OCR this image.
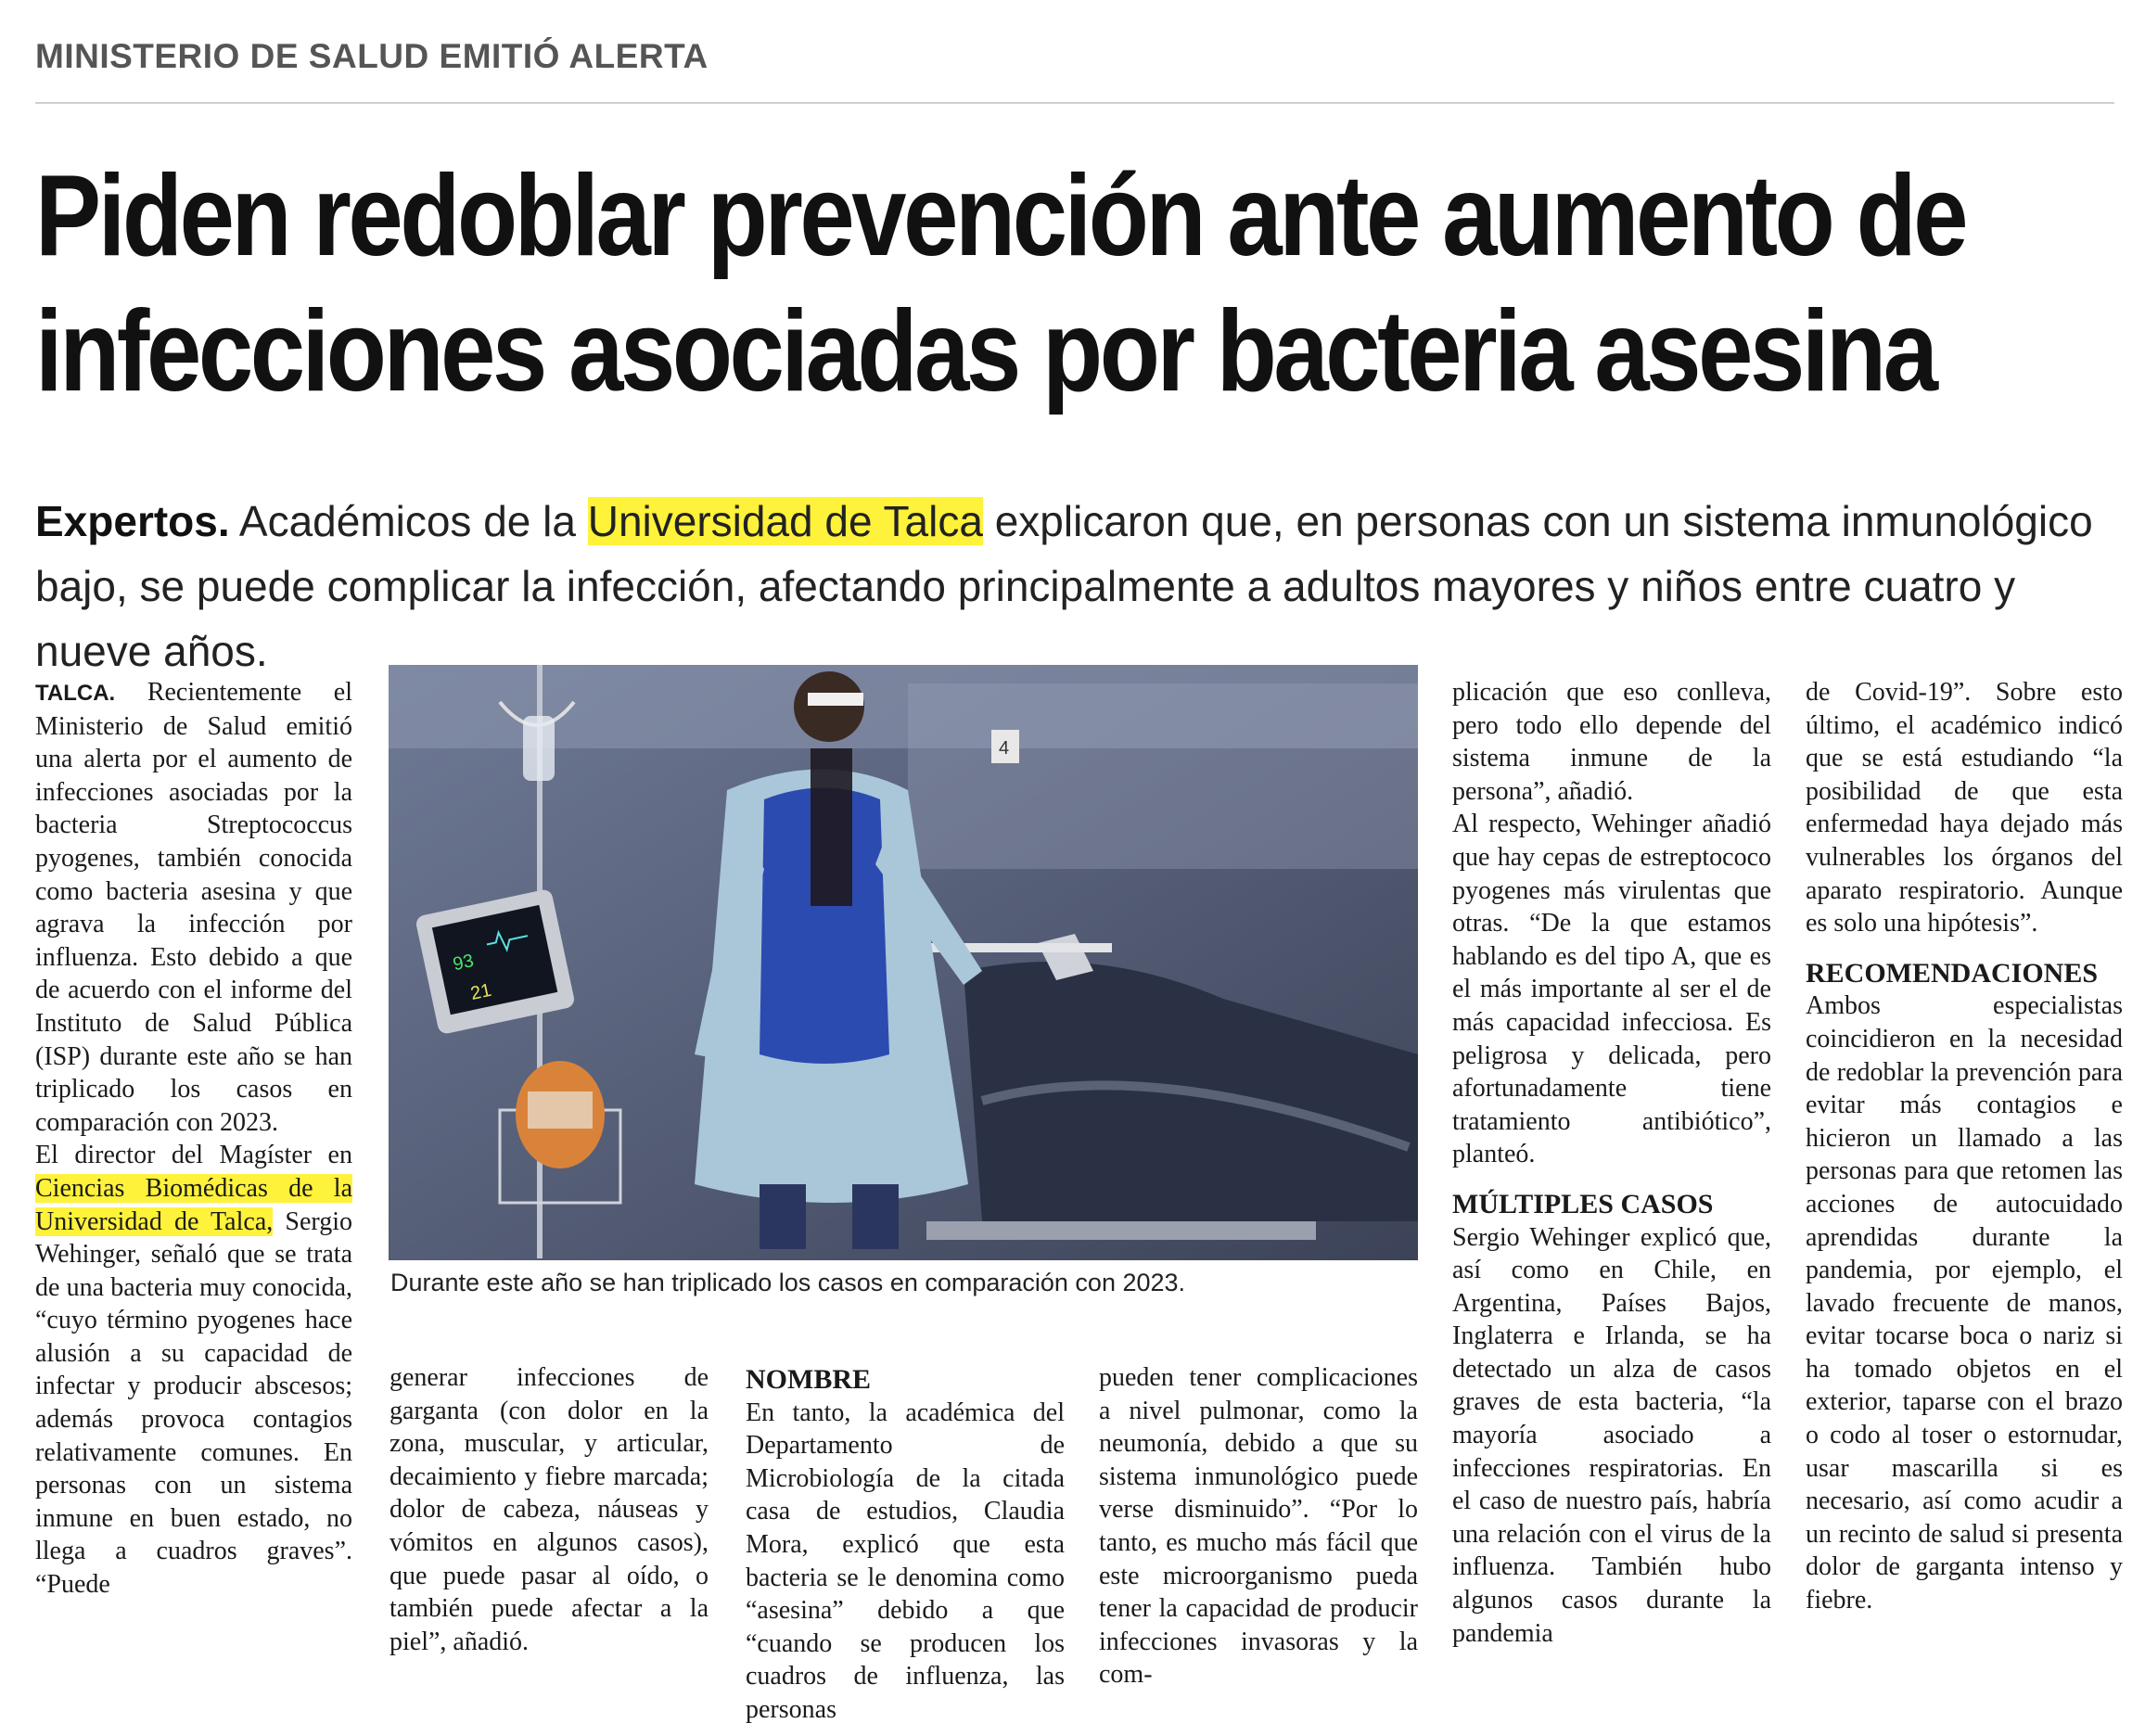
MINISTERIO DE SALUD EMITIÓ ALERTA
Piden redoblar prevención ante aumento de
infecciones asociadas por bacteria asesina
Expertos. Académicos de la Universidad de Talca explicaron que, en personas con un sistema inmunológico bajo, se puede complicar la infección, afectando principalmente a adultos mayores y niños entre cuatro y nueve años.

TALCA. Recientemente el Ministerio de Salud emitió una alerta por el aumento de infecciones asociadas por la bacteria Streptococcus pyogenes, también conocida como bacteria asesina y que agrava la infección por influenza. Esto debido a que de acuerdo con el informe del Instituto de Salud Pública (ISP) durante este año se han triplicado los casos en comparación con 2023.

El director del Magíster en Ciencias Biomédicas de la Universidad de Talca, Sergio Wehinger, señaló que se trata de una bacteria muy conocida, “cuyo término pyogenes hace alusión a su capacidad de infectar y producir abscesos; además provoca contagios relativamente comunes. En personas con un sistema inmune en buen estado, no llega a cuadros graves”. “Puede

4
93
21
Durante este año se han triplicado los casos en comparación con 2023.

generar infecciones de garganta (con dolor en la zona, muscular, y articular, decaimiento y fiebre marcada; dolor de cabeza, náuseas y vómitos en algunos casos), que puede pasar al oído, o también puede afectar a la piel”, añadió.

NOMBRE

En tanto, la académica del Departamento de Microbiología de la citada casa de estudios, Claudia Mora, explicó que esta bacteria se le denomina como “asesina” debido a que “cuando se producen los cuadros de influenza, las personas

pueden tener complicaciones a nivel pulmonar, como la neumonía, debido a que su sistema inmunológico puede verse disminuido”. “Por lo tanto, es mucho más fácil que este microorganismo pueda tener la capacidad de producir infecciones invasoras y la com-

plicación que eso conlleva, pero todo ello depende del sistema inmune de la persona”, añadió.

Al respecto, Wehinger añadió que hay cepas de estreptococo pyogenes más virulentas que otras. “De la que estamos hablando es del tipo A, que es el más importante al ser el de más capacidad infecciosa. Es peligrosa y delicada, pero afortunadamente tiene tratamiento antibiótico”, planteó.

MÚLTIPLES CASOS

Sergio Wehinger explicó que, así como en Chile, en Argentina, Países Bajos, Inglaterra e Irlanda, se ha detectado un alza de casos graves de esta bacteria, “la mayoría asociado a infecciones respiratorias. En el caso de nuestro país, habría una relación con el virus de la influenza. También hubo algunos casos durante la pandemia

de Covid-19”. Sobre esto último, el académico indicó que se está estudiando “la posibilidad de que esta enfermedad haya dejado más vulnerables los órganos del aparato respiratorio. Aunque es solo una hipótesis”.

RECOMENDACIONES

Ambos especialistas coincidieron en la necesidad de redoblar la prevención para evitar más contagios e hicieron un llamado a las personas para que retomen las acciones de autocuidado aprendidas durante la pandemia, por ejemplo, el lavado frecuente de manos, evitar tocarse boca o nariz si ha tomado objetos en el exterior, taparse con el brazo o codo al toser o estornudar, usar mascarilla si es necesario, así como acudir a un recinto de salud si presenta dolor de garganta intenso y fiebre.
